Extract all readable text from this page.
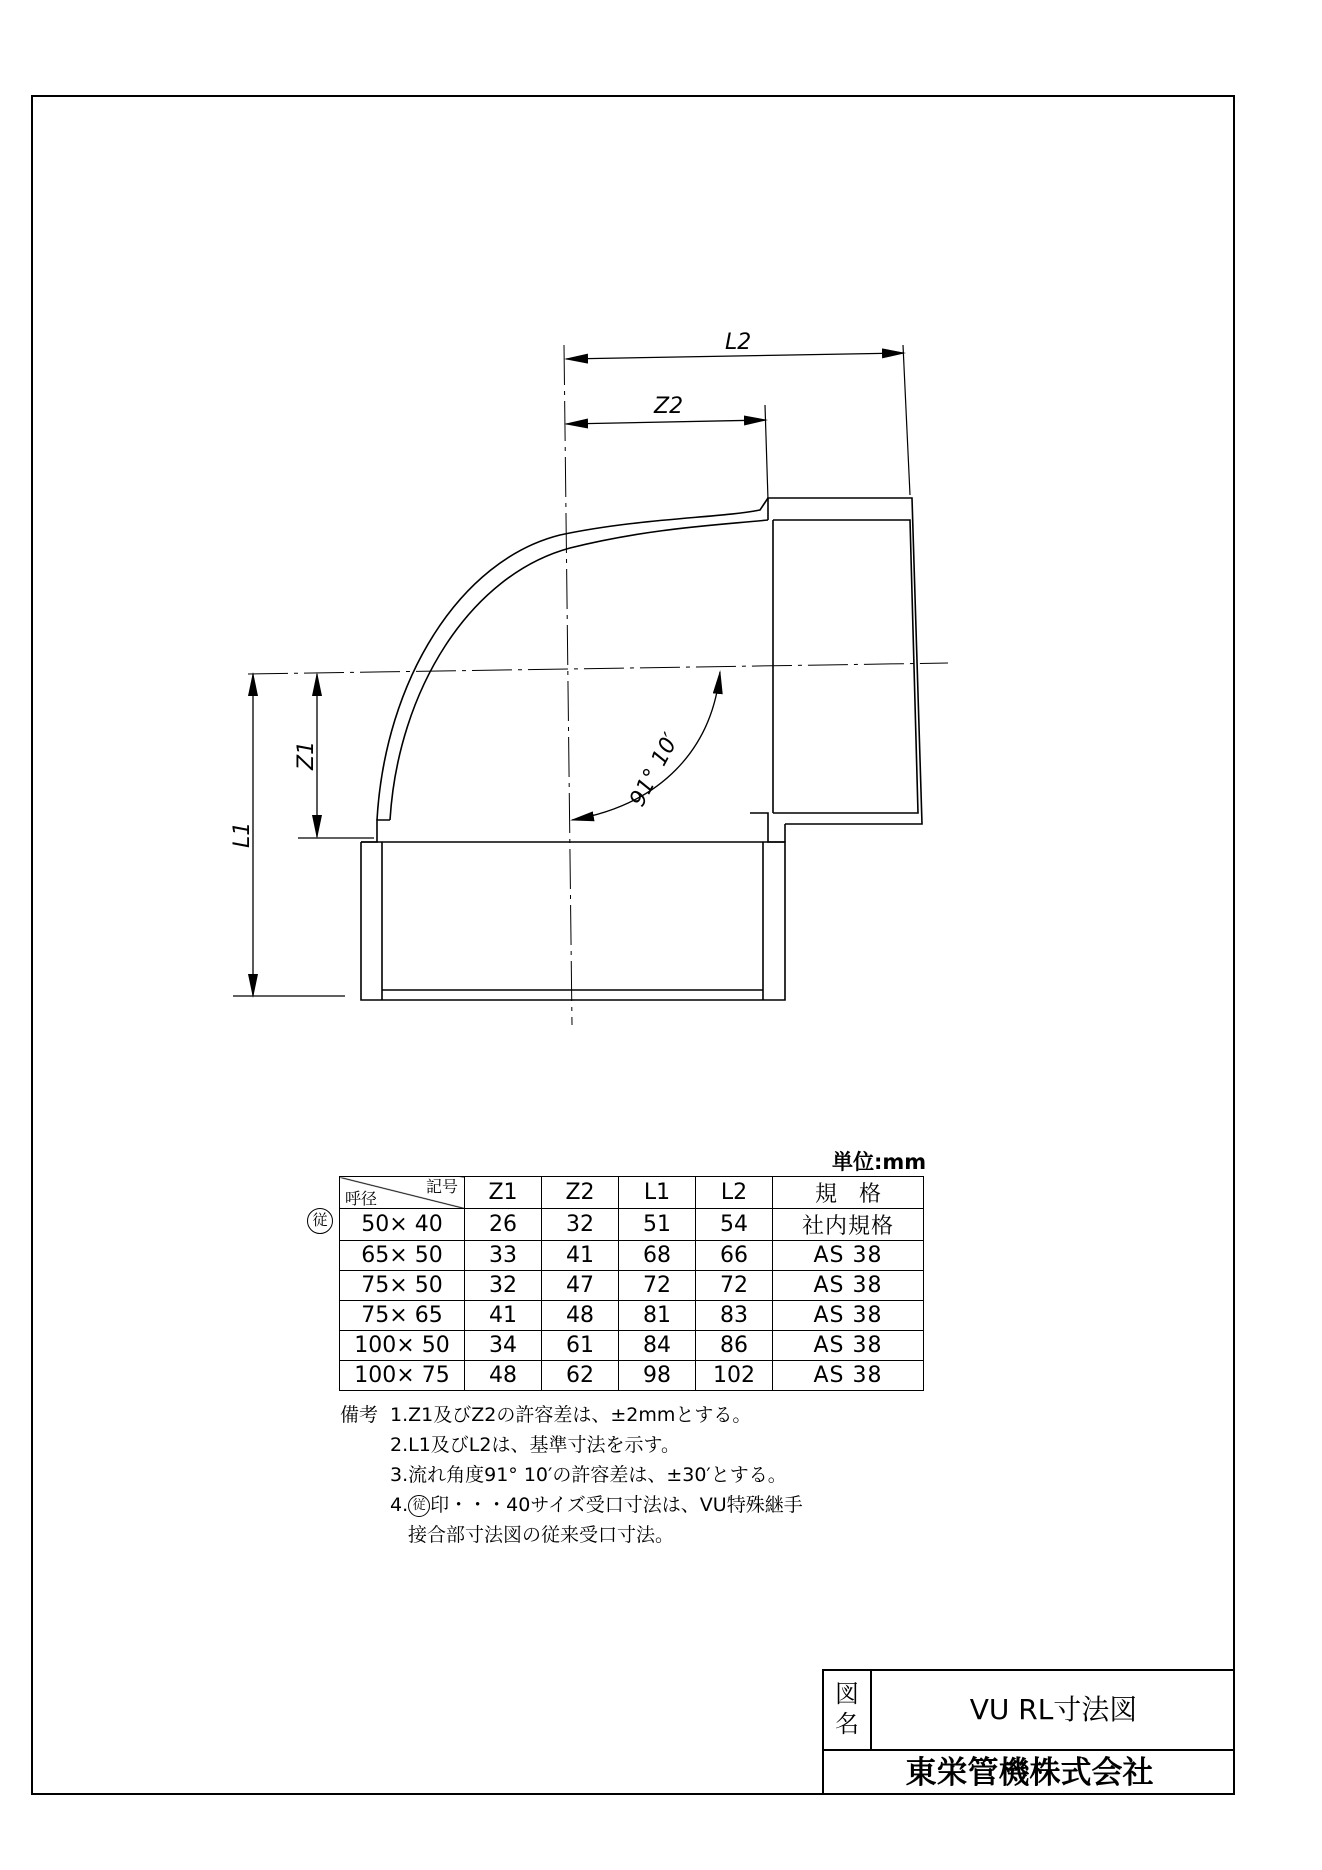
L2
Z2
Z1
L1
91° 10′
単位:mm
従
記号
呼径	Z1	Z2	L1	L2	規　格
50× 40	26	32	51	54	社内規格
65× 50	33	41	68	66	AS 38
75× 50	32	47	72	72	AS 38
75× 65	41	48	81	83	AS 38
100× 50	34	61	84	86	AS 38
100× 75	48	62	98	102	AS 38
備考 1.Z1及びZ2の許容差は、±2mmとする。
2.L1及びL2は、基準寸法を示す。
3.流れ角度91° 10′の許容差は、±30′とする。
4. 従 印・・・40サイズ受口寸法は、VU特殊継手
接合部寸法図の従来受口寸法。
図
名	VU RL寸法図
東栄管機株式会社
